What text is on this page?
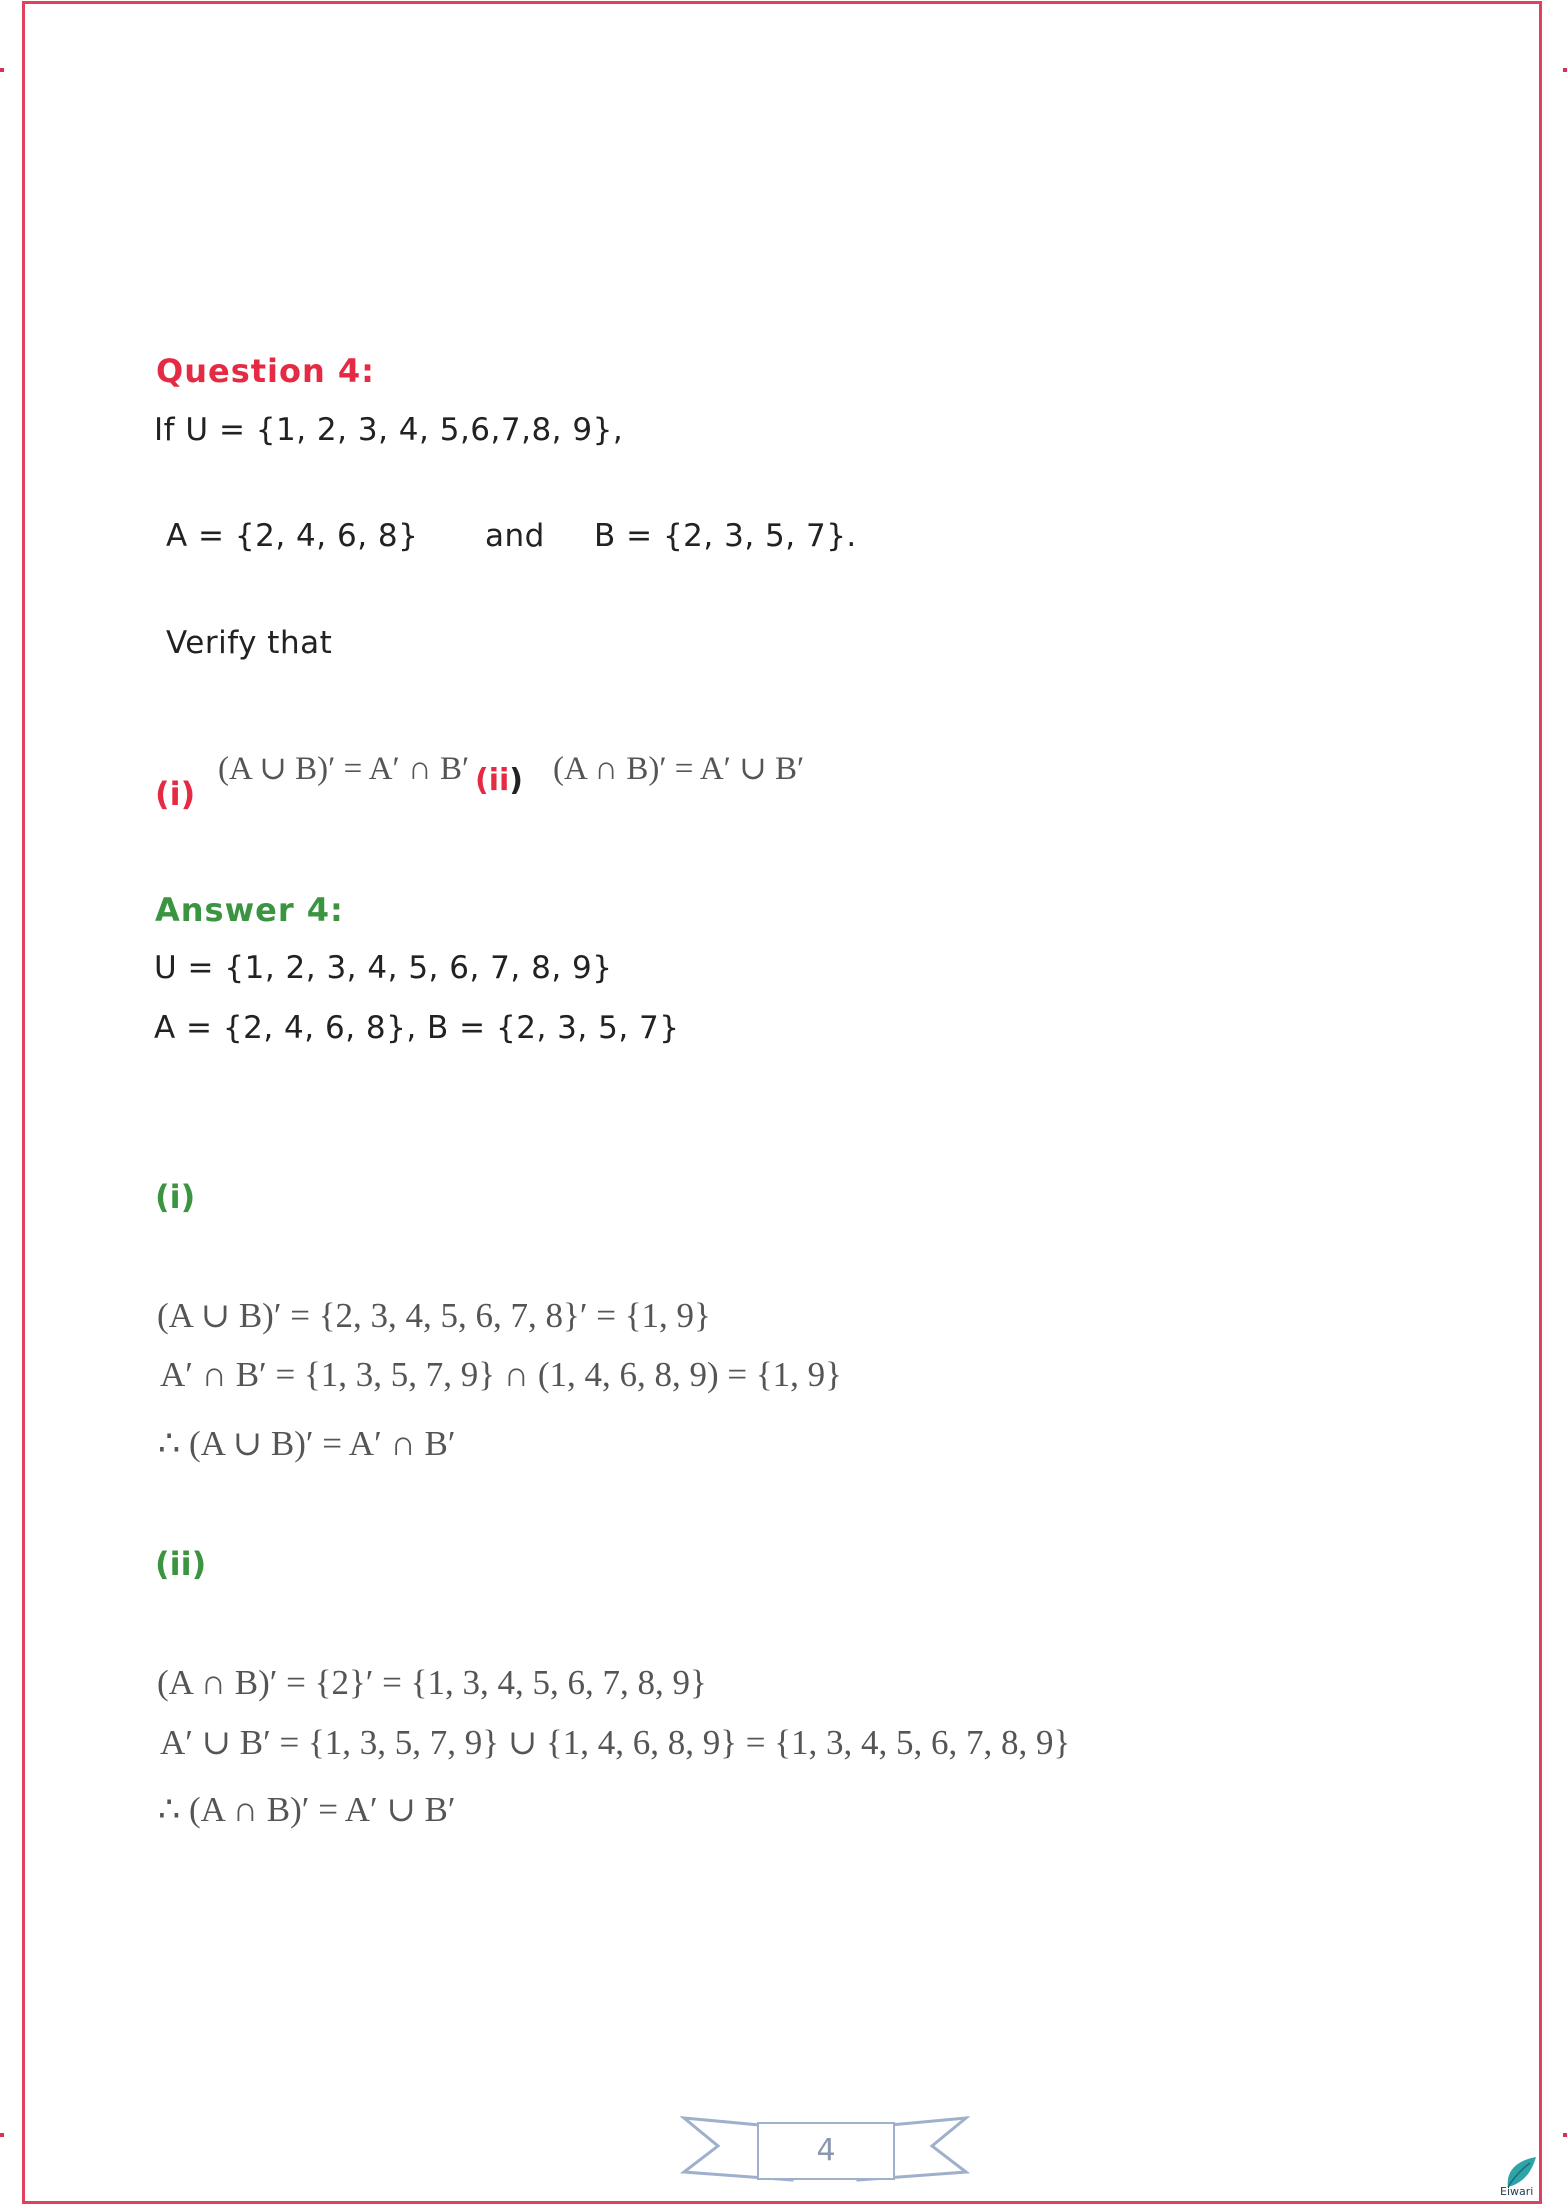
Question 4:
If U = {1, 2, 3, 4, 5,6,7,8, 9},
A = {2, 4, 6, 8} and B = {2, 3, 5, 7}.
Verify that
(i)
(A ∪ B)′ = A′ ∩ B′ (ii) (A ∩ B)′ = A′ ∪ B′
Answer 4:
U = {1, 2, 3, 4, 5, 6, 7, 8, 9}
A = {2, 4, 6, 8}, B = {2, 3, 5, 7}
(i)
(A ∪ B)′ = {2, 3, 4, 5, 6, 7, 8}′ = {1, 9}
A′ ∩ B′ = {1, 3, 5, 7, 9} ∩ (1, 4, 6, 8, 9) = {1, 9}
∴ (A ∪ B)′ = A′ ∩ B′
(ii)
(A ∩ B)′ = {2}′ = {1, 3, 4, 5, 6, 7, 8, 9}
A′ ∪ B′ = {1, 3, 5, 7, 9} ∪ {1, 4, 6, 8, 9} = {1, 3, 4, 5, 6, 7, 8, 9}
∴ (A ∩ B)′ = A′ ∪ B′
4
Eiwari
